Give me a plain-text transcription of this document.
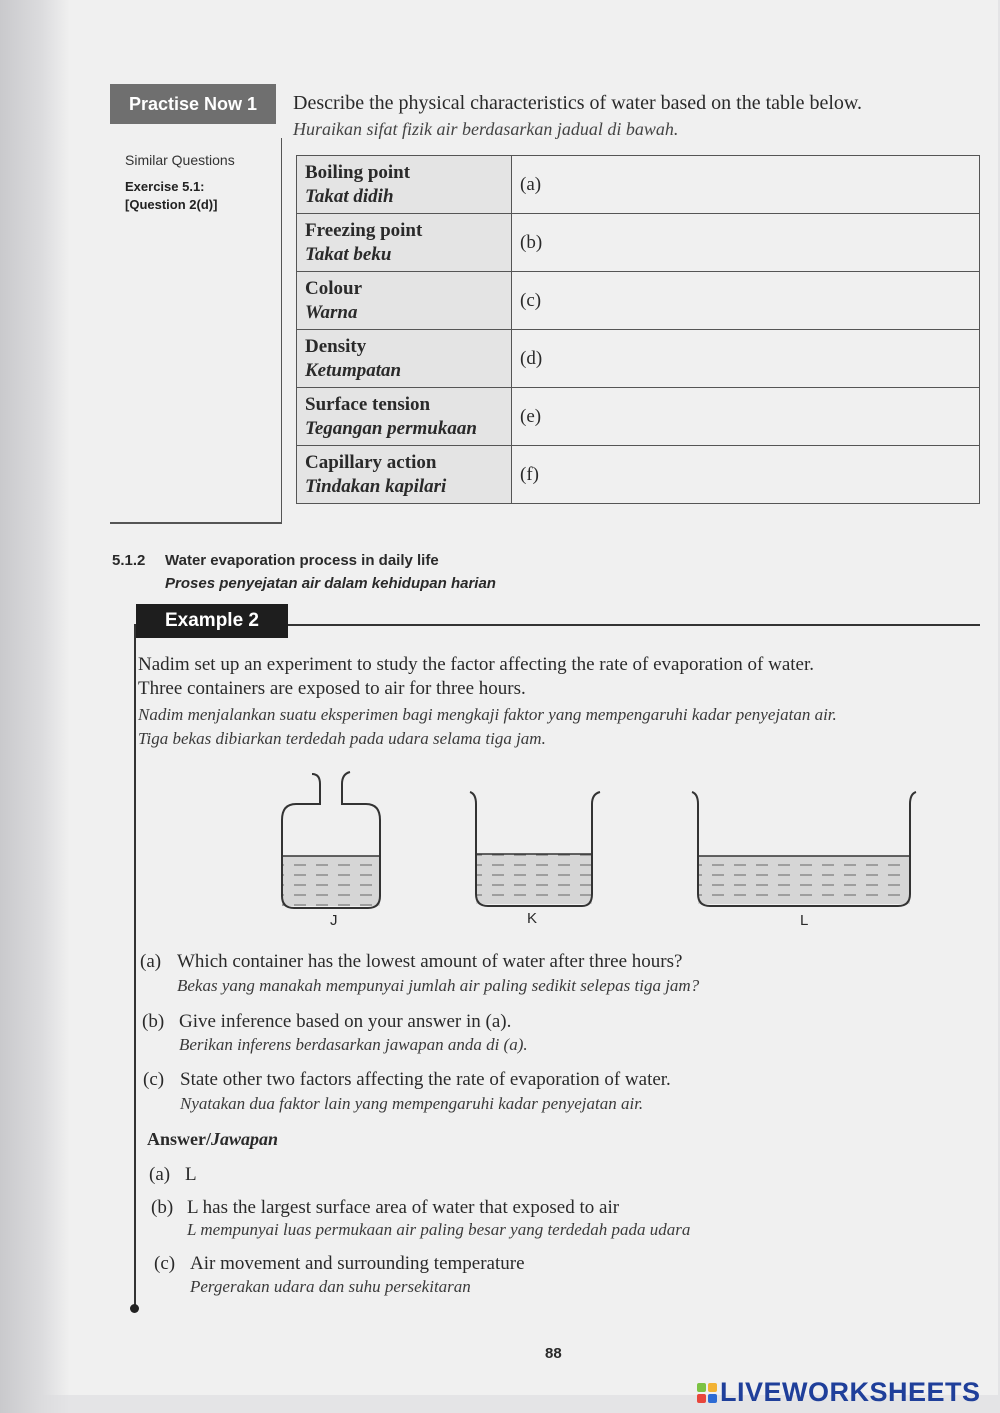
Practise Now 1	Describe the physical characteristics of water based on the table below.
Huraikan sifat fizik air berdasarkan jadual di bawah.
Similar Questions
Exercise 5.1:
[Question 2(d)]
Boiling point
Takat didih	(a)

Freezing point
Takat beku	(b)

Colour
Warna	(c)

Density
Ketumpatan	(d)

Surface tension
Tegangan permukaan	(e)

Capillary action
Tindakan kapilari	(f)
5.1.2 Water evaporation process in daily life
Proses penyejatan air dalam kehidupan harian
Example 2
Nadim set up an experiment to study the factor affecting the rate of evaporation of water.
Three containers are exposed to air for three hours.
Nadim menjalankan suatu eksperimen bagi mengkaji faktor yang mempengaruhi kadar penyejatan air.
Tiga bekas dibiarkan terdedah pada udara selama tiga jam.
J	K	L
(a) Which container has the lowest amount of water after three hours?
Bekas yang manakah mempunyai jumlah air paling sedikit selepas tiga jam?
(b) Give inference based on your answer in (a).
Berikan inferens berdasarkan jawapan anda di (a).
(c) State other two factors affecting the rate of evaporation of water.
Nyatakan dua faktor lain yang mempengaruhi kadar penyejatan air.
Answer/Jawapan
(a) L
(b) L has the largest surface area of water that exposed to air
L mempunyai luas permukaan air paling besar yang terdedah pada udara
(c) Air movement and surrounding temperature
Pergerakan udara dan suhu persekitaran
88
LIVEWORKSHEETS
